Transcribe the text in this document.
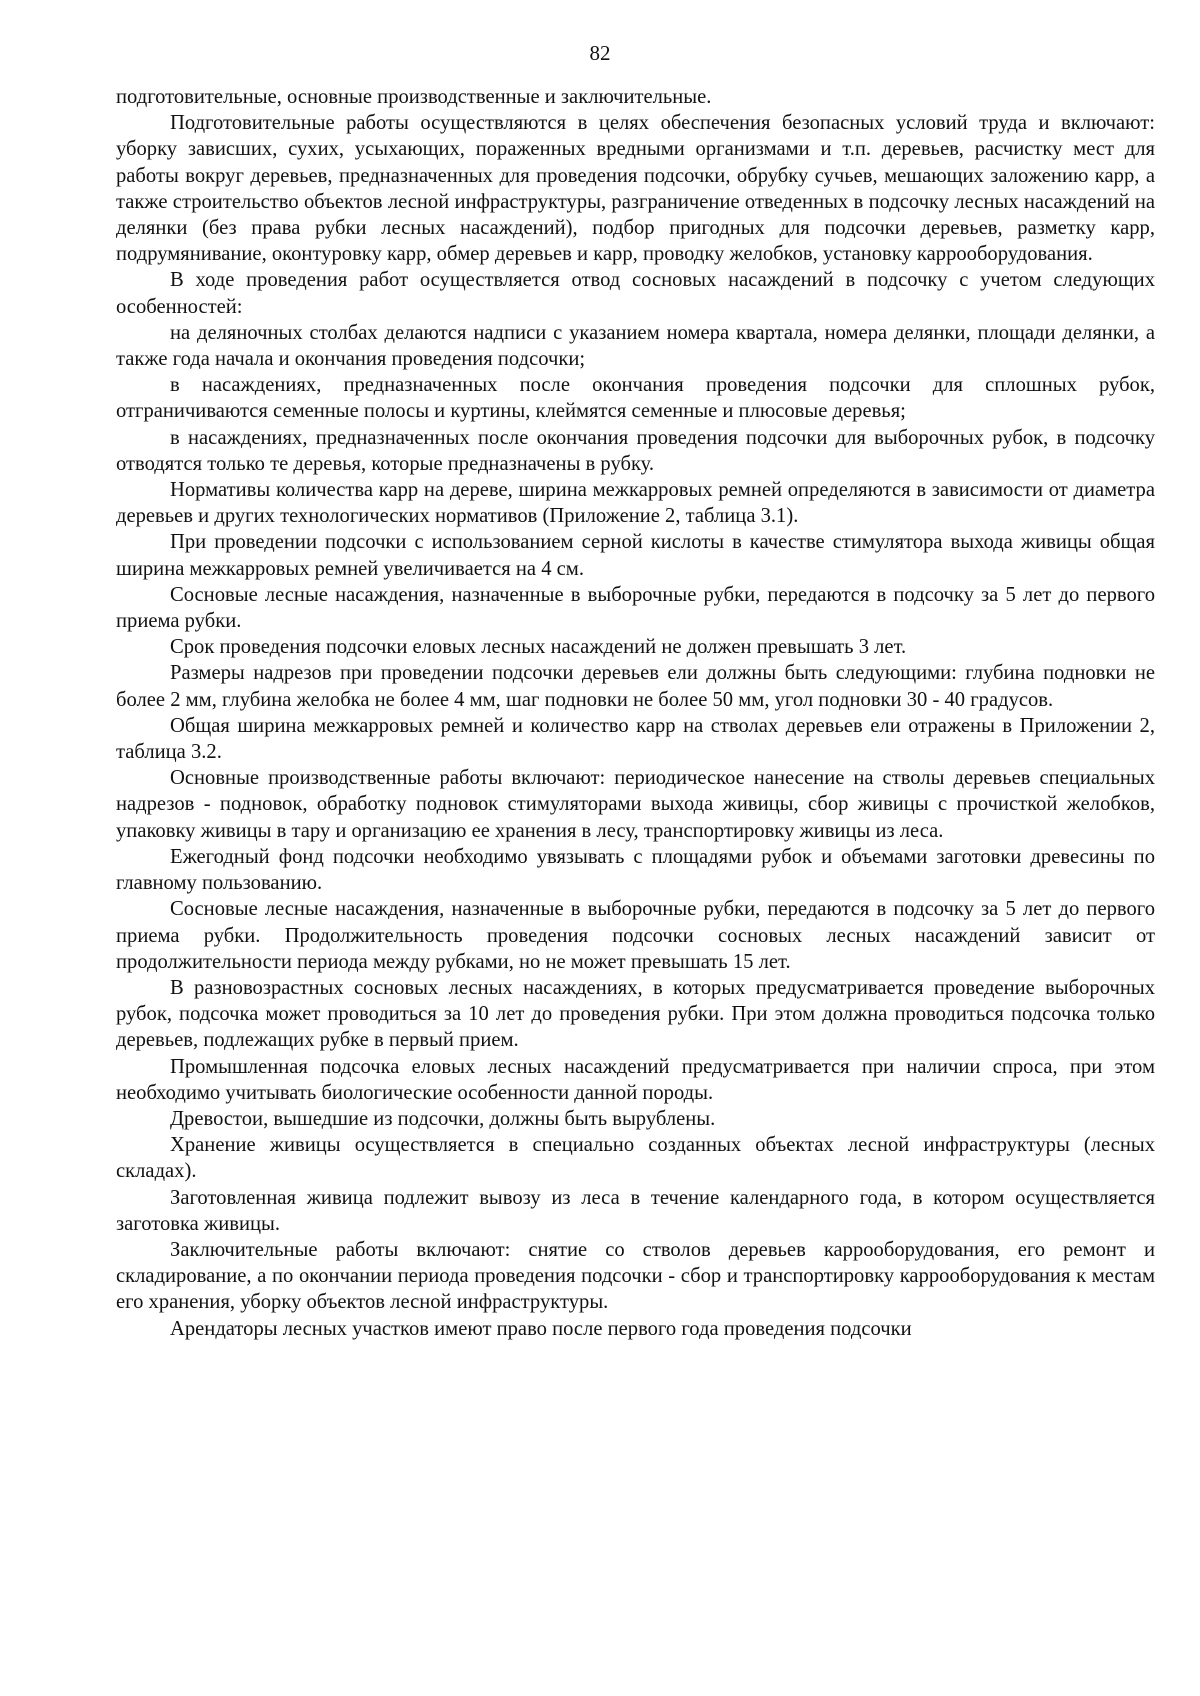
82

подготовительные, основные производственные и заключительные.

Подготовительные работы осуществляются в целях обеспечения безопасных условий труда и включают: уборку зависших, сухих, усыхающих, пораженных вредными организмами и т.п. деревьев, расчистку мест для работы вокруг деревьев, предназначенных для проведения подсочки, обрубку сучьев, мешающих заложению карр, а также строительство объектов лесной инфраструктуры, разграничение отведенных в подсочку лесных насаждений на делянки (без права рубки лесных насаждений), подбор пригодных для подсочки деревьев, разметку карр, подрумянивание, оконтуровку карр, обмер деревьев и карр, проводку желобков, установку каррооборудования.

В ходе проведения работ осуществляется отвод сосновых насаждений в подсочку с учетом следующих особенностей:

на деляночных столбах делаются надписи с указанием номера квартала, номера делянки, площади делянки, а также года начала и окончания проведения подсочки;

в насаждениях, предназначенных после окончания проведения подсочки для сплошных рубок, отграничиваются семенные полосы и куртины, клеймятся семенные и плюсовые деревья;

в насаждениях, предназначенных после окончания проведения подсочки для выборочных рубок, в подсочку отводятся только те деревья, которые предназначены в рубку.

Нормативы количества карр на дереве, ширина межкарровых ремней определяются в зависимости от диаметра деревьев и других технологических нормативов (Приложение 2, таблица 3.1).

При проведении подсочки с использованием серной кислоты в качестве стимулятора выхода живицы общая ширина межкарровых ремней увеличивается на 4 см.

Сосновые лесные насаждения, назначенные в выборочные рубки, передаются в подсочку за 5 лет до первого приема рубки.

Срок проведения подсочки еловых лесных насаждений не должен превышать 3 лет.

Размеры надрезов при проведении подсочки деревьев ели должны быть следующими: глубина подновки не более 2 мм, глубина желобка не более 4 мм, шаг подновки не более 50 мм, угол подновки 30 - 40 градусов.

Общая ширина межкарровых ремней и количество карр на стволах деревьев ели отражены в Приложении 2, таблица 3.2.

Основные производственные работы включают: периодическое нанесение на стволы деревьев специальных надрезов - подновок, обработку подновок стимуляторами выхода живицы, сбор живицы с прочисткой желобков, упаковку живицы в тару и организацию ее хранения в лесу, транспортировку живицы из леса.

Ежегодный фонд подсочки необходимо увязывать с площадями рубок и объемами заготовки древесины по главному пользованию.

Сосновые лесные насаждения, назначенные в выборочные рубки, передаются в подсочку за 5 лет до первого приема рубки. Продолжительность проведения подсочки сосновых лесных насаждений зависит от продолжительности периода между рубками, но не может превышать 15 лет.

В разновозрастных сосновых лесных насаждениях, в которых предусматривается проведение выборочных рубок, подсочка может проводиться за 10 лет до проведения рубки. При этом должна проводиться подсочка только деревьев, подлежащих рубке в первый прием.

Промышленная подсочка еловых лесных насаждений предусматривается при наличии спроса, при этом необходимо учитывать биологические особенности данной породы.

Древостои, вышедшие из подсочки, должны быть вырублены.

Хранение живицы осуществляется в специально созданных объектах лесной инфраструктуры (лесных складах).

Заготовленная живица подлежит вывозу из леса в течение календарного года, в котором осуществляется заготовка живицы.

Заключительные работы включают: снятие со стволов деревьев каррооборудования, его ремонт и складирование, а по окончании периода проведения подсочки - сбор и транспортировку каррооборудования к местам его хранения, уборку объектов лесной инфраструктуры.

Арендаторы лесных участков имеют право после первого года проведения подсочки
